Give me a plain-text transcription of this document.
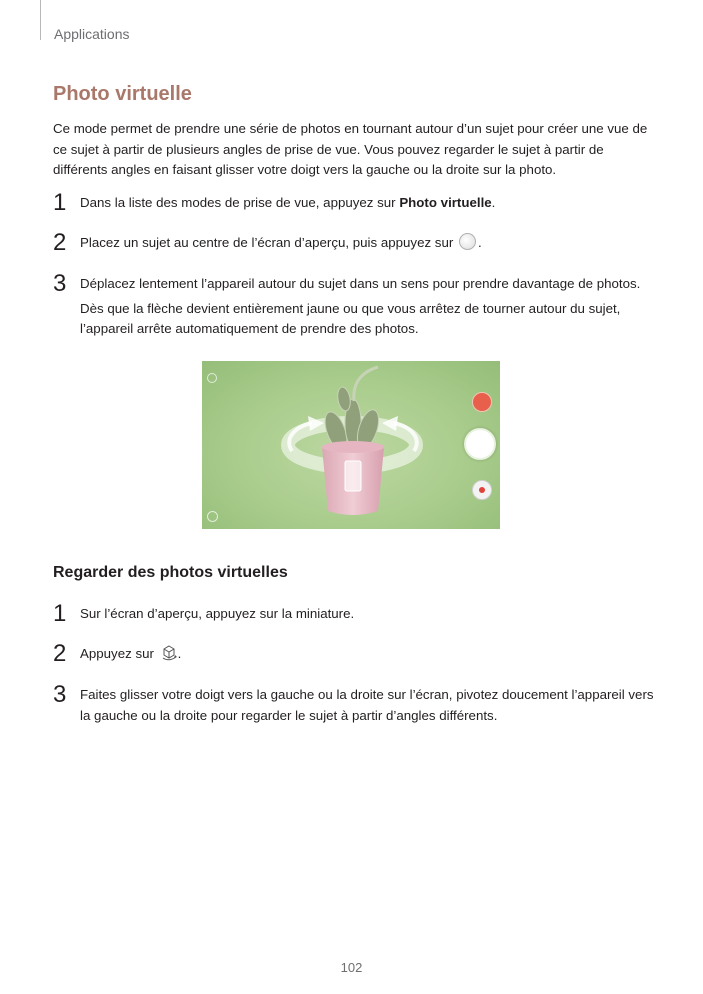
Applications
Photo virtuelle

Ce mode permet de prendre une série de photos en tournant autour d’un sujet pour créer une vue de ce sujet à partir de plusieurs angles de prise de vue. Vous pouvez regarder le sujet à partir de différents angles en faisant glisser votre doigt vers la gauche ou la droite sur la photo.

1 Dans la liste des modes de prise de vue, appuyez sur Photo virtuelle.

2 Placez un sujet au centre de l’écran d’aperçu, puis appuyez sur .

3 Déplacez lentement l’appareil autour du sujet dans un sens pour prendre davantage de photos.

Dès que la flèche devient entièrement jaune ou que vous arrêtez de tourner autour du sujet, l’appareil arrête automatiquement de prendre des photos.

Regarder des photos virtuelles
1 Sur l’écran d’aperçu, appuyez sur la miniature.

2 Appuyez sur .

3 Faites glisser votre doigt vers la gauche ou la droite sur l’écran, pivotez doucement l’appareil vers la gauche ou la droite pour regarder le sujet à partir d’angles différents.

102
